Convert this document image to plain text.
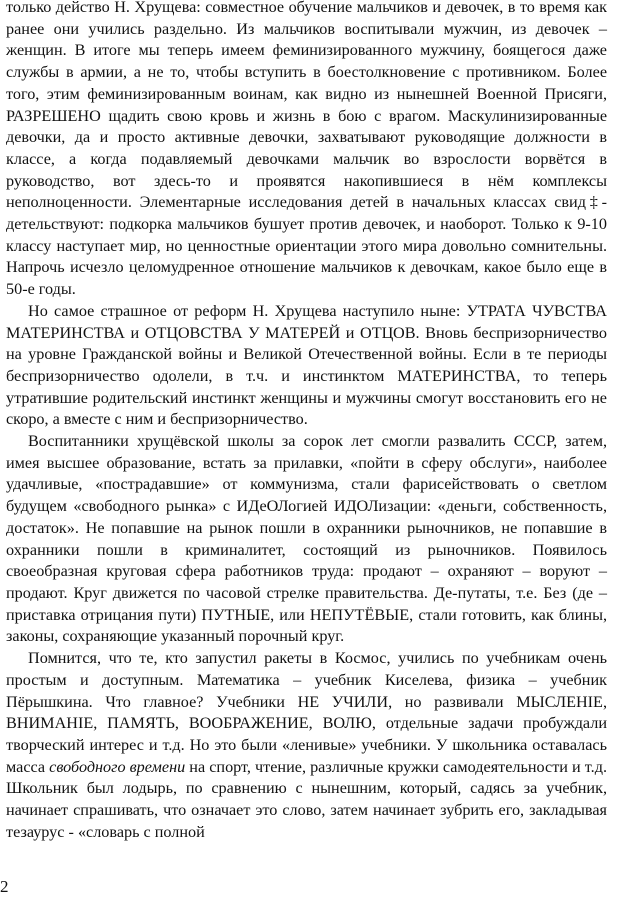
только действо Н. Хрущева: совместное обучение мальчиков и девочек, в то время как ранее они учились раздельно. Из мальчиков воспитывали мужчин, из девочек – женщин. В итоге мы теперь имеем феминизированного мужчину, боящегося даже службы в армии, а не то, чтобы вступить в боестолкновение с противником. Более того, этим феминизированным воинам, как видно из нынешней Военной Присяги, РАЗРЕШЕНО щадить свою кровь и жизнь в бою с врагом. Маскулинизированные девочки, да и просто активные девочки, захватывают руководящие должности в классе, а когда подавляемый девочками мальчик во взрослости ворвётся в руководство, вот здесь-то и проявятся накопившиеся в нём комплексы неполноценности. Элементарные исследования детей в начальных классах свид‡-детельствуют: подкорка мальчиков бушует против девочек, и наоборот. Только к 9-10 классу наступает мир, но ценностные ориентации этого мира довольно сомнительны. Напрочь исчезло целомудренное отношение мальчиков к девочкам, какое было еще в 50-е годы.

Но самое страшное от реформ Н. Хрущева наступило ныне: УТРАТА ЧУВСТВА МАТЕРИНСТВА и ОТЦОВСТВА У МАТЕРЕЙ и ОТЦОВ. Вновь беспризорничество на уровне Гражданской войны и Великой Отечественной войны. Если в те периоды беспризорничество одолели, в т.ч. и инстинктом МАТЕРИНСТВА, то теперь утратившие родительский инстинкт женщины и мужчины смогут восстановить его не скоро, а вместе с ним и беспризорничество.

Воспитанники хрущёвской школы за сорок лет смогли развалить СССР, затем, имея высшее образование, встать за прилавки, «пойти в сферу обслуги», наиболее удачливые, «пострадавшие» от коммунизма, стали фарисействовать о светлом будущем «свободного рынка» с ИДеОЛогией ИДОЛизации: «деньги, собственность, достаток». Не попавшие на рынок пошли в охранники рыночников, не попавшие в охранники пошли в криминалитет, состоящий из рыночников. Появилось своеобразная круговая сфера работников труда: продают – охраняют – воруют – продают. Круг движется по часовой стрелке правительства. Де-путаты, т.е. Без (де – приставка отрицания пути) ПУТНЫЕ, или НЕПУТЁВЫЕ, стали готовить, как блины, законы, сохраняющие указанный порочный круг.

Помнится, что те, кто запустил ракеты в Космос, учились по учебникам очень простым и доступным. Математика – учебник Киселева, физика – учебник Пёрышкина. Что главное? Учебники НЕ УЧИЛИ, но развивали МЫСЛЕНIE, ВНИМАНIE, ПАМЯТЬ, ВООБРАЖЕНИЕ, ВОЛЮ, отдельные задачи пробуждали творческий интерес и т.д. Но это были «ленивые» учебники. У школьника оставалась масса свободного времени на спорт, чтение, различные кружки самодеятельности и т.д. Школьник был лодырь, по сравнению с нынешним, который, садясь за учебник, начинает спрашивать, что означает это слово, затем начинает зубрить его, закладывая тезаурус - «словарь с полной

2
